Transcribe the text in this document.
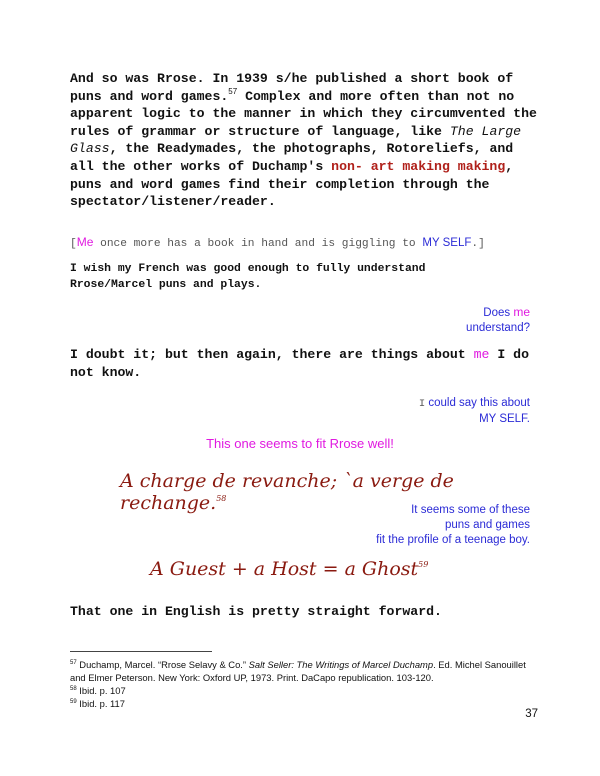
And so was Rrose. In 1939 s/he published a short book of puns and word games.$^{57}$ Complex and more often than not no apparent logic to the manner in which they circumvented the rules of grammar or structure of language, like The Large Glass, the Readymades, the photographs, Rotoreliefs, and all the other works of Duchamp's non- art making making, puns and word games find their completion through the spectator/listener/reader.
[Me once more has a book in hand and is giggling to MY SELF.]
I wish my French was good enough to fully understand Rrose/Marcel puns and plays.
Does me
understand?
I doubt it; but then again, there are things about me I do not know.
I could say this about
MY SELF.
This one seems to fit Rrose well!
A charge de revanche; `a verge de rechange.$^{58}$
It seems some of these
puns and games
fit the profile of a teenage boy.
A Guest + a Host = a Ghost$^{59}$
That one in English is pretty straight forward.

$^{57}$ Duchamp, Marcel. “Rrose Selavy & Co.” Salt Seller: The Writings of Marcel Duchamp. Ed. Michel Sanouillet and Elmer Peterson. New York: Oxford UP, 1973. Print. DaCapo republication. 103-120.

$^{58}$ Ibid. p. 107

$^{59}$ Ibid. p. 117

37
